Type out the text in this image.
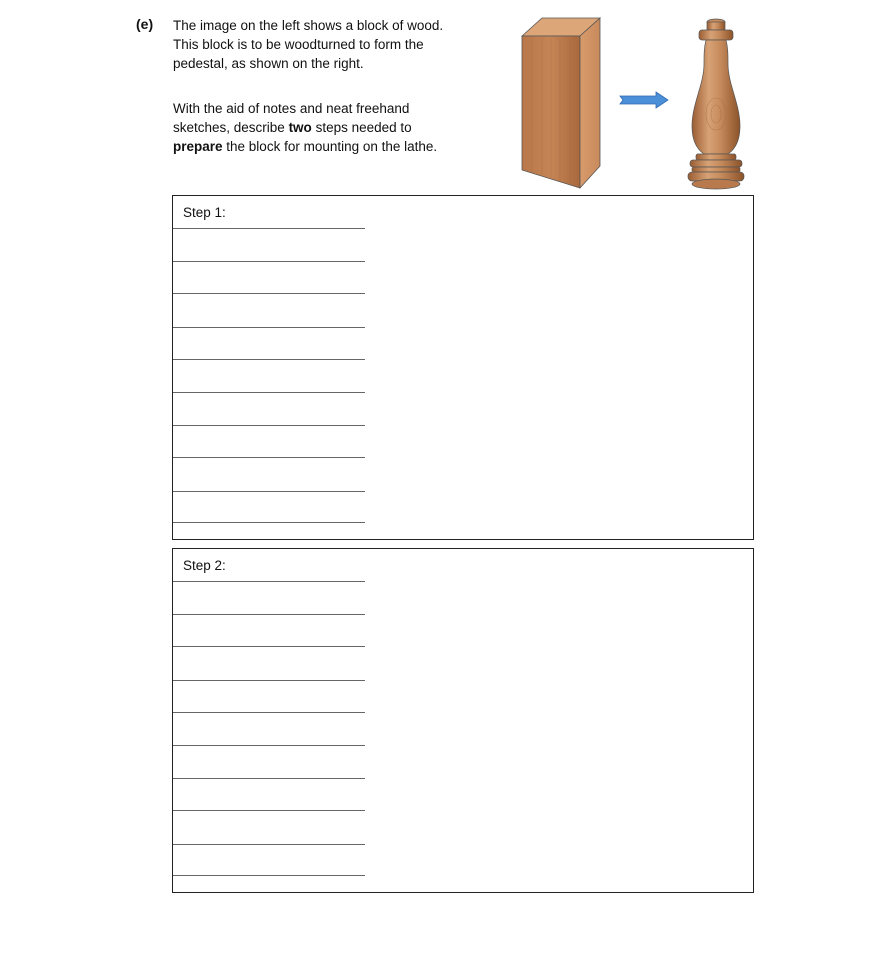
(e) The image on the left shows a block of wood.
This block is to be woodturned to form the
pedestal, as shown on the right.
With the aid of notes and neat freehand
sketches, describe two steps needed to
prepare the block for mounting on the lathe.
Step 1:
Step 2:
